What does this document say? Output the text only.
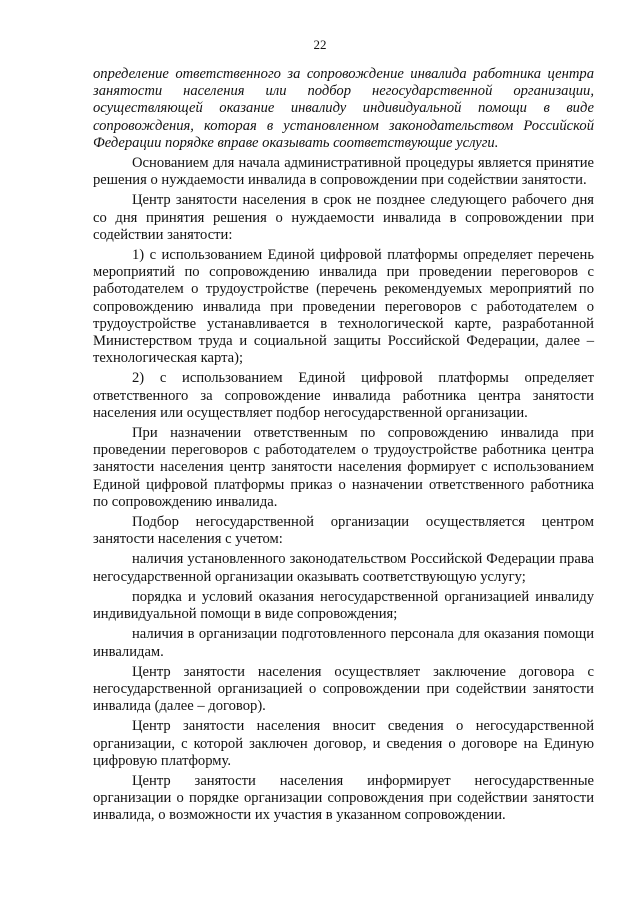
22

определение ответственного за сопровождение инвалида работника центра занятости населения или подбор негосударственной организации, осуществляющей оказание инвалиду индивидуальной помощи в виде сопровождения, которая в установленном законодательством Российской Федерации порядке вправе оказывать соответствующие услуги.

Основанием для начала административной процедуры является принятие решения о нуждаемости инвалида в сопровождении при содействии занятости.

Центр занятости населения в срок не позднее следующего рабочего дня со дня принятия решения о нуждаемости инвалида в сопровождении при содействии занятости:

1) с использованием Единой цифровой платформы определяет перечень мероприятий по сопровождению инвалида при проведении переговоров с работодателем о трудоустройстве (перечень рекомендуемых мероприятий по сопровождению инвалида при проведении переговоров с работодателем о трудоустройстве устанавливается в технологической карте, разработанной Министерством труда и социальной защиты Российской Федерации, далее – технологическая карта);

2) с использованием Единой цифровой платформы определяет ответственного за сопровождение инвалида работника центра занятости населения или осуществляет подбор негосударственной организации.

При назначении ответственным по сопровождению инвалида при проведении переговоров с работодателем о трудоустройстве работника центра занятости населения центр занятости населения формирует с использованием Единой цифровой платформы приказ о назначении ответственного работника по сопровождению инвалида.

Подбор негосударственной организации осуществляется центром занятости населения с учетом:

наличия установленного законодательством Российской Федерации права негосударственной организации оказывать соответствующую услугу;

порядка и условий оказания негосударственной организацией инвалиду индивидуальной помощи в виде сопровождения;

наличия в организации подготовленного персонала для оказания помощи инвалидам.

Центр занятости населения осуществляет заключение договора с негосударственной организацией о сопровождении при содействии занятости инвалида (далее – договор).

Центр занятости населения вносит сведения о негосударственной организации, с которой заключен договор, и сведения о договоре на Единую цифровую платформу.

Центр занятости населения информирует негосударственные организации о порядке организации сопровождения при содействии занятости инвалида, о возможности их участия в указанном сопровождении.
